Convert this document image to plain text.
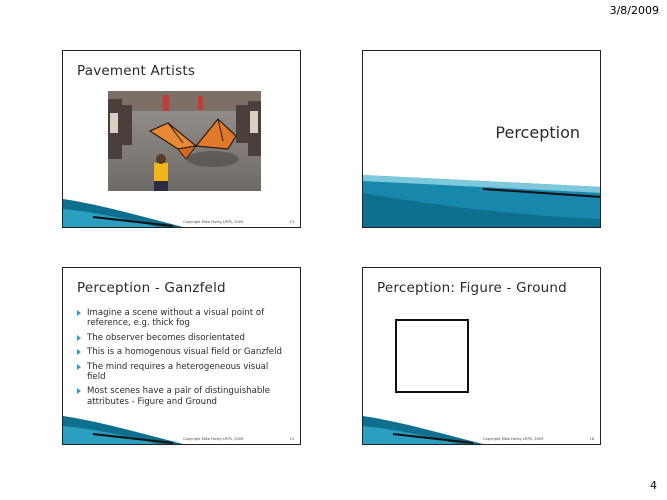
3/8/2009
Pavement Artists
Copyright Mike Farley LRPS, 2009	13
Perception
Perception - Ganzfeld
Imagine a scene without a visual point of reference, e.g. thick fog
The observer becomes disorientated
This is a homogenous visual field or Ganzfeld
The mind requires a heterogeneous visual field
Most scenes have a pair of distinguishable attributes - Figure and Ground
Copyright Mike Farley LRPS, 2009	15
Perception: Figure - Ground
Copyright Mike Farley LRPS, 2009	16
4
